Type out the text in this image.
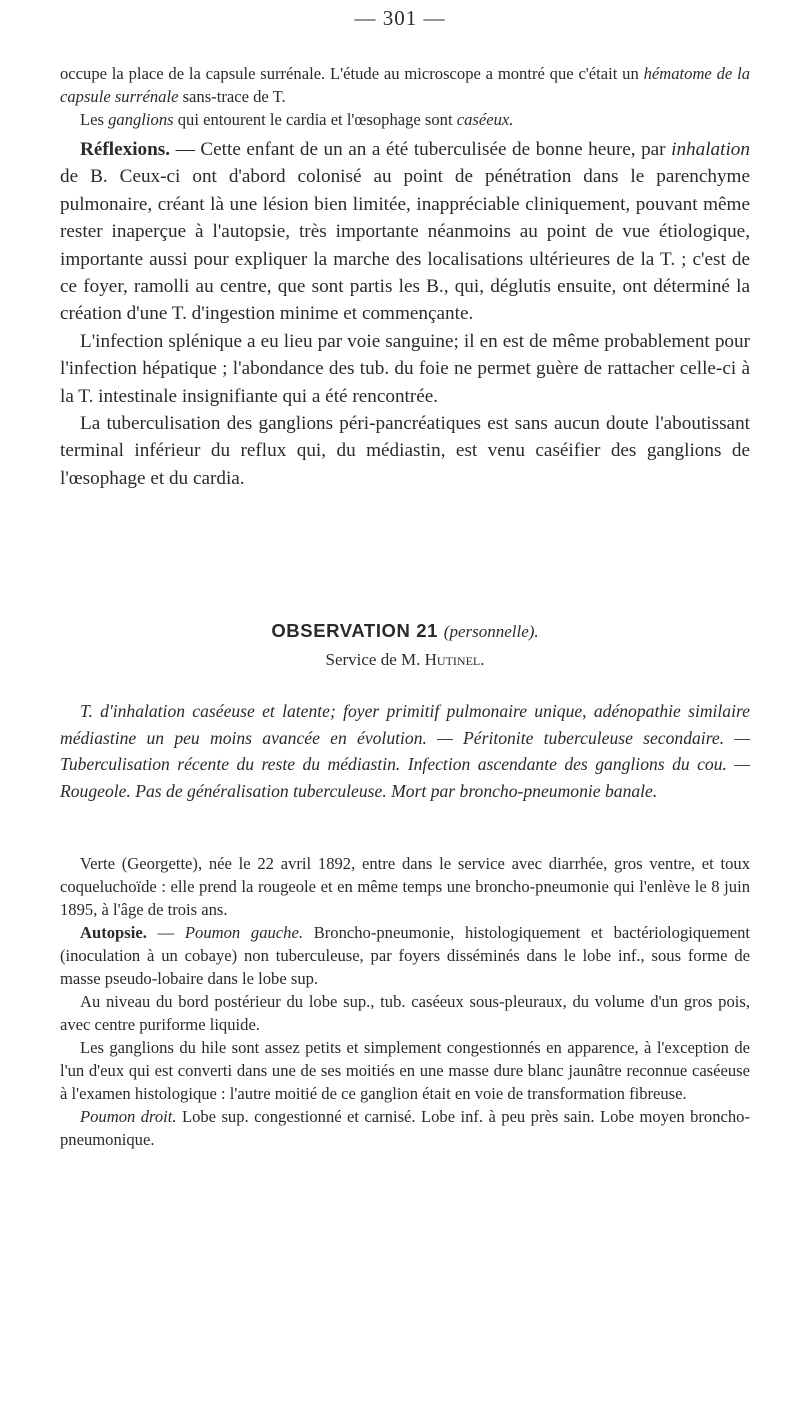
— 301 —

occupe la place de la capsule surrénale. L'étude au microscope a montré que c'était un hématome de la capsule surrénale sans-trace de T.

Les ganglions qui entourent le cardia et l'œsophage sont caséeux.

Réflexions. — Cette enfant de un an a été tuberculisée de bonne heure, par inhalation de B. Ceux-ci ont d'abord colonisé au point de pénétration dans le parenchyme pulmonaire, créant là une lésion bien limitée, inappréciable cliniquement, pouvant même rester inaperçue à l'autopsie, très importante néanmoins au point de vue étiologique, importante aussi pour expliquer la marche des localisations ultérieures de la T. ; c'est de ce foyer, ramolli au centre, que sont partis les B., qui, déglutis ensuite, ont déterminé la création d'une T. d'ingestion minime et commençante.

L'infection splénique a eu lieu par voie sanguine; il en est de même probablement pour l'infection hépatique ; l'abondance des tub. du foie ne permet guère de rattacher celle-ci à la T. intestinale insignifiante qui a été rencontrée.

La tuberculisation des ganglions péri-pancréatiques est sans aucun doute l'aboutissant terminal inférieur du reflux qui, du médiastin, est venu caséifier des ganglions de l'œsophage et du cardia.

OBSERVATION 21 (personnelle).
Service de M. Hutinel.
T. d'inhalation caséeuse et latente; foyer primitif pulmonaire unique, adénopathie similaire médiastine un peu moins avancée en évolution. — Péritonite tuberculeuse secondaire. — Tuberculisation récente du reste du médiastin. Infection ascendante des ganglions du cou. — Rougeole. Pas de généralisation tuberculeuse. Mort par broncho-pneumonie banale.

Verte (Georgette), née le 22 avril 1892, entre dans le service avec diarrhée, gros ventre, et toux coqueluchoïde : elle prend la rougeole et en même temps une broncho-pneumonie qui l'enlève le 8 juin 1895, à l'âge de trois ans.

Autopsie. — Poumon gauche. Broncho-pneumonie, histologiquement et bactériologiquement (inoculation à un cobaye) non tuberculeuse, par foyers disséminés dans le lobe inf., sous forme de masse pseudo-lobaire dans le lobe sup.

Au niveau du bord postérieur du lobe sup., tub. caséeux sous-pleuraux, du volume d'un gros pois, avec centre puriforme liquide.

Les ganglions du hile sont assez petits et simplement congestionnés en apparence, à l'exception de l'un d'eux qui est converti dans une de ses moitiés en une masse dure blanc jaunâtre reconnue caséeuse à l'examen histologique : l'autre moitié de ce ganglion était en voie de transformation fibreuse.

Poumon droit. Lobe sup. congestionné et carnisé. Lobe inf. à peu près sain. Lobe moyen broncho-pneumonique.
